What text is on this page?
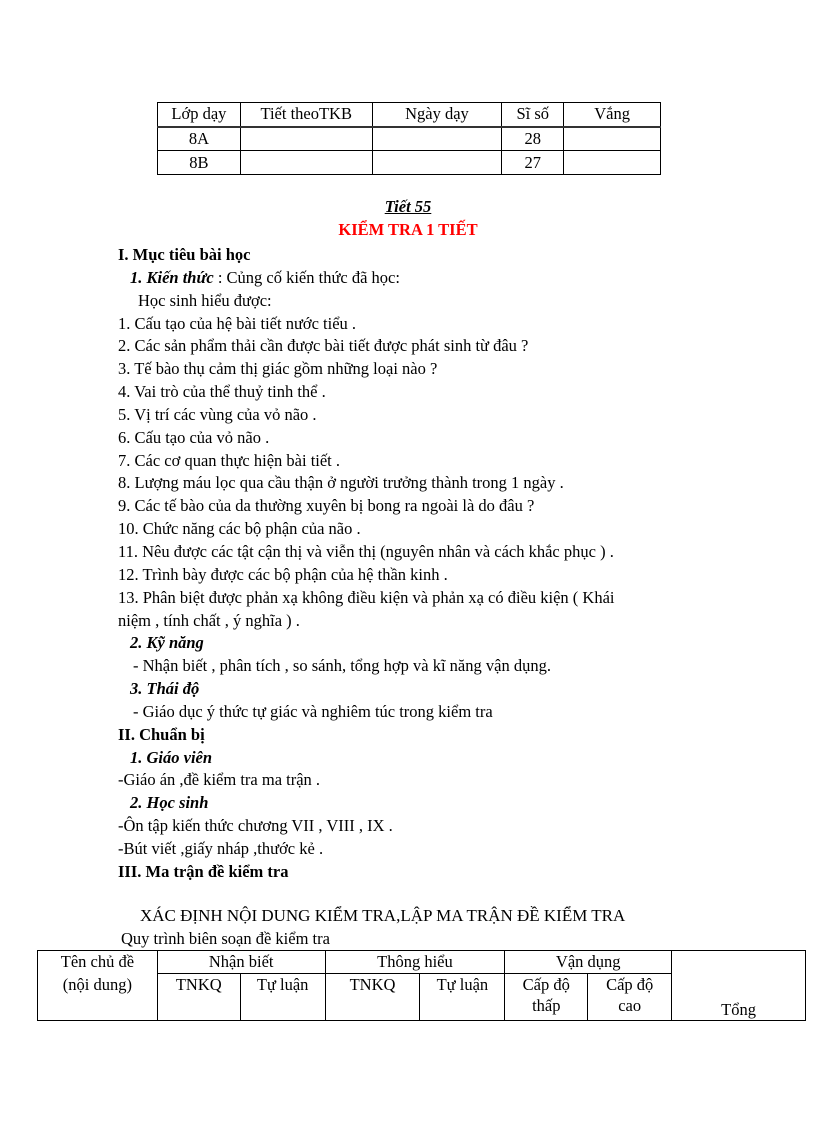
Lớp dạy	Tiết theoTKB	Ngày dạy	Sĩ số	Vắng
8A			28	
8B			27	
Tiết 55
KIỂM TRA 1 TIẾT
I. Mục tiêu bài học
1. Kiến thức : Củng cố kiến thức đã học:
Học sinh hiểu được:
1. Cấu tạo của hệ bài tiết nước tiểu .
2. Các sản phẩm thải cần được bài tiết được phát sinh từ đâu ?
3. Tế bào thụ cảm thị giác gồm những loại nào ?
4. Vai trò của thể thuỷ tinh thể .
5. Vị trí các vùng của vỏ não .
6. Cấu tạo của vỏ não .
7. Các cơ quan thực hiện bài tiết .
8. Lượng máu lọc qua cầu thận ở người trưởng thành trong 1 ngày .
9. Các tế bào của da thường xuyên bị bong ra ngoài là do đâu ?
10. Chức năng các bộ phận của não .
11. Nêu được các tật cận thị và viễn thị (nguyên nhân và cách khắc phục ) .
12. Trình bày được các bộ phận của hệ thần kinh .
13. Phân biệt được phản xạ không điều kiện và phản xạ có điều kiện ( Khái
niệm , tính chất , ý nghĩa ) .
2. Kỹ năng
- Nhận biết , phân tích , so sánh, tổng hợp và kĩ năng vận dụng.
3. Thái độ
- Giáo dục ý thức tự giác và nghiêm túc trong kiểm tra
II. Chuẩn bị
1. Giáo viên
-Giáo án ,đề kiểm tra ma trận .
2. Học sinh
-Ôn tập kiến thức chương VII , VIII , IX .
-Bút viết ,giấy nháp ,thước kẻ .
III. Ma trận đề kiểm tra
XÁC ĐỊNH NỘI DUNG KIỂM TRA,LẬP MA TRẬN ĐỀ KIỂM TRA
Quy trình biên soạn đề kiểm tra
Tên chủ đề
(nội dung)	Nhận biết		Thông hiểu		Vận dụng		Tổng
	TNKQ	Tự luận	TNKQ	Tự luận	Cấp độ thấp	Cấp độ cao	
